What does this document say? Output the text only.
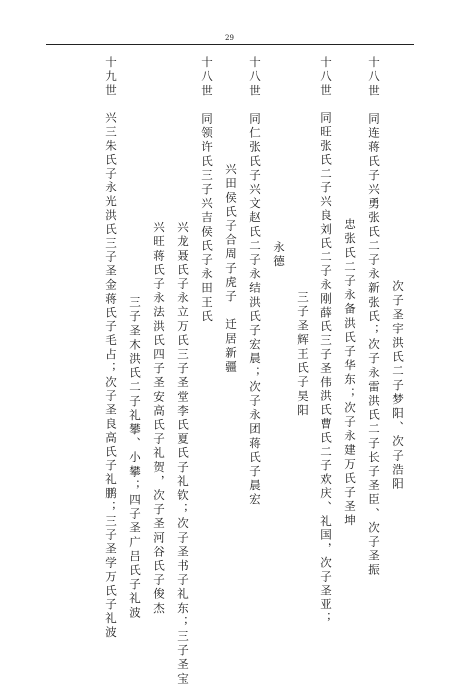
29
次子圣宇洪氏二子梦阳、次子浩阳
十八世　同连蒋氏子兴勇张氏二子永新张氏；次子永雷洪氏二子长子圣臣、次子圣振
忠张氏二子永备洪氏子华东；次子永建万氏子圣坤
十八世　同旺张氏二子兴良刘氏二子永刚薛氏三子圣伟洪氏曹氏二子欢庆、礼国，次子圣亚；
三子圣辉王氏子昊阳
永德
十八世　同仁张氏子兴文赵氏二子永结洪氏子宏晨；次子永团蒋氏子晨宏
兴田侯氏子合周子虎子　迁居新疆
十八世　同领许氏三子兴吉侯氏子永田王氏
兴龙聂氏子永立万氏三子圣堂李氏夏氏子礼钦；次子圣书子礼东；三子圣宝
兴旺蒋氏子永法洪氏四子圣安高氏子礼贺，次子圣河谷氏子俊杰
三子圣木洪氏二子礼攀、小攀；四子圣广吕氏子礼波
十九世　兴三朱氏子永光洪氏三子圣金蒋氏子毛占；次子圣良高氏子礼鹏；三子圣学万氏子礼波
